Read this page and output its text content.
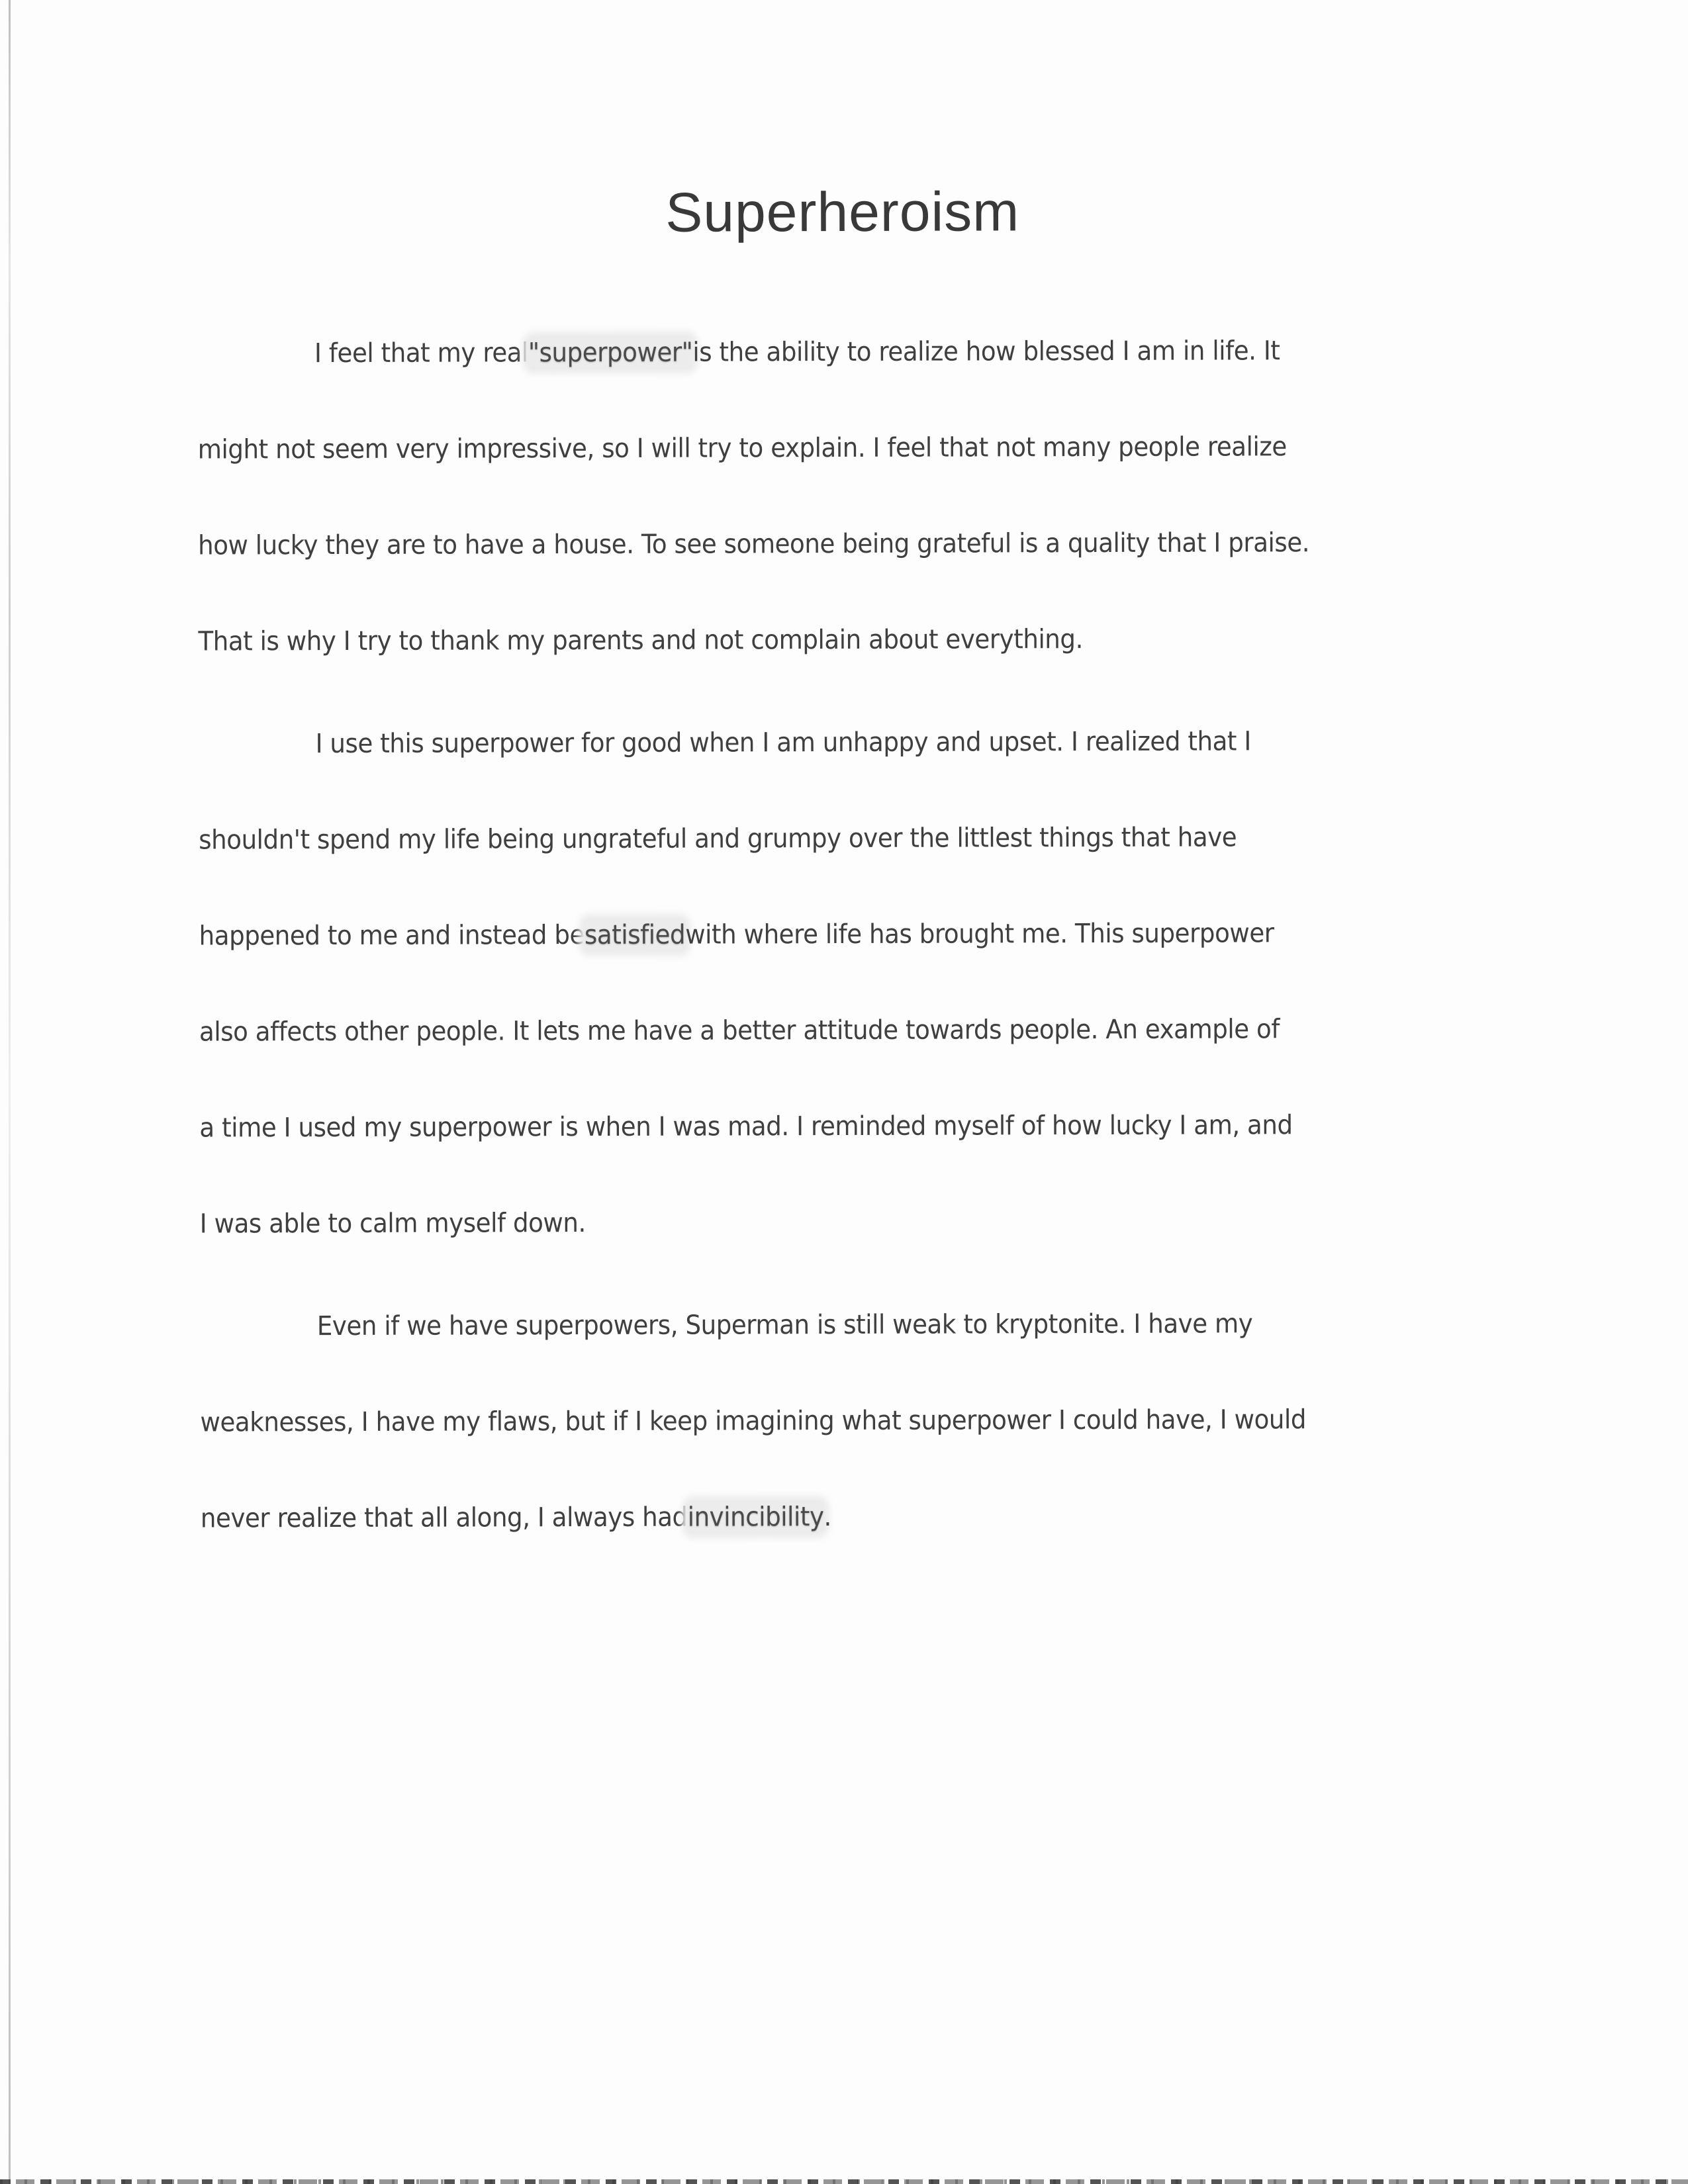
Superheroism
I feel that my real "superpower" is the ability to realize how blessed I am in life. It
might not seem very impressive, so I will try to explain. I feel that not many people realize
how lucky they are to have a house. To see someone being grateful is a quality that I praise.
That is why I try to thank my parents and not complain about everything.
I use this superpower for good when I am unhappy and upset. I realized that I
shouldn't spend my life being ungrateful and grumpy over the littlest things that have
happened to me and instead be satisfied with where life has brought me. This superpower
also affects other people. It lets me have a better attitude towards people. An example of
a time I used my superpower is when I was mad. I reminded myself of how lucky I am, and
I was able to calm myself down.
Even if we have superpowers, Superman is still weak to kryptonite. I have my
weaknesses, I have my flaws, but if I keep imagining what superpower I could have, I would
never realize that all along, I always had invincibility .
